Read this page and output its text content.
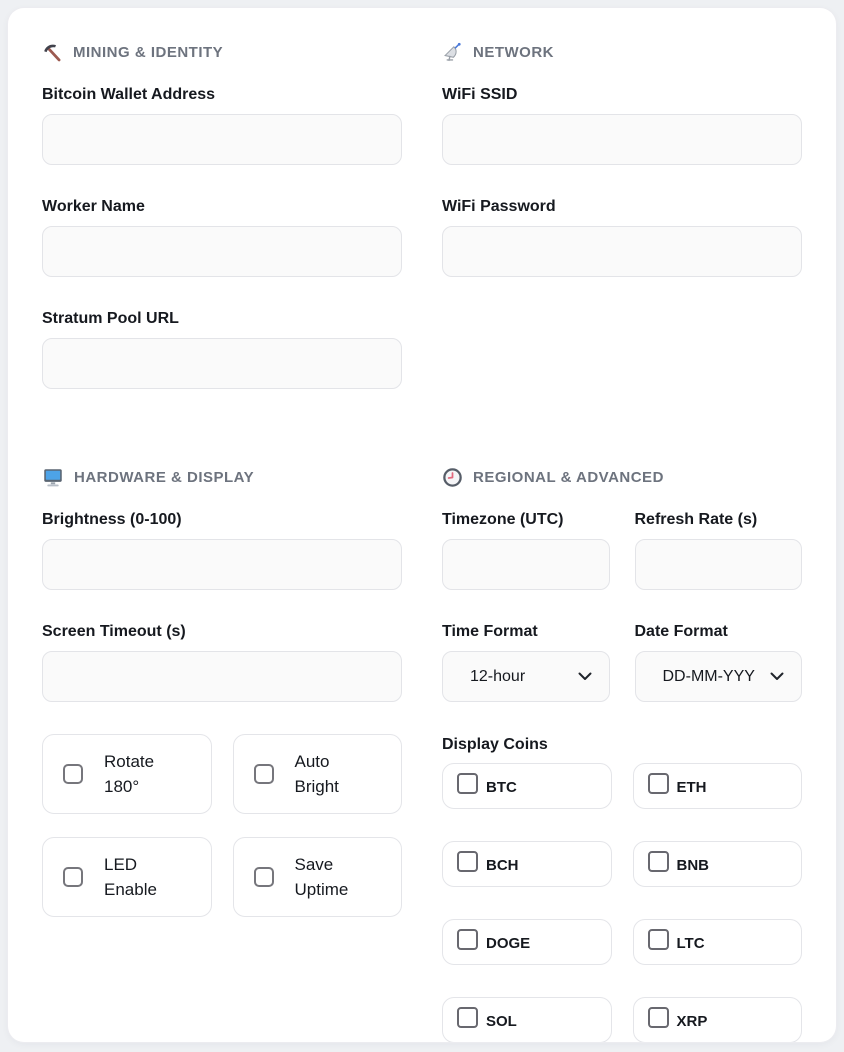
MINING & IDENTITY
Bitcoin Wallet Address
Worker Name
Stratum Pool URL
NETWORK
WiFi SSID
WiFi Password
HARDWARE & DISPLAY
Brightness (0-100)
Screen Timeout (s)
Rotate 180°
Auto Bright
LED Enable
Save Uptime
REGIONAL & ADVANCED
Timezone (UTC)	Refresh Rate (s)
Time Format
12-hour
Date Format
DD-MM-YYY
Display Coins
BTC	ETH
BCH	BNB
DOGE	LTC
SOL	XRP
